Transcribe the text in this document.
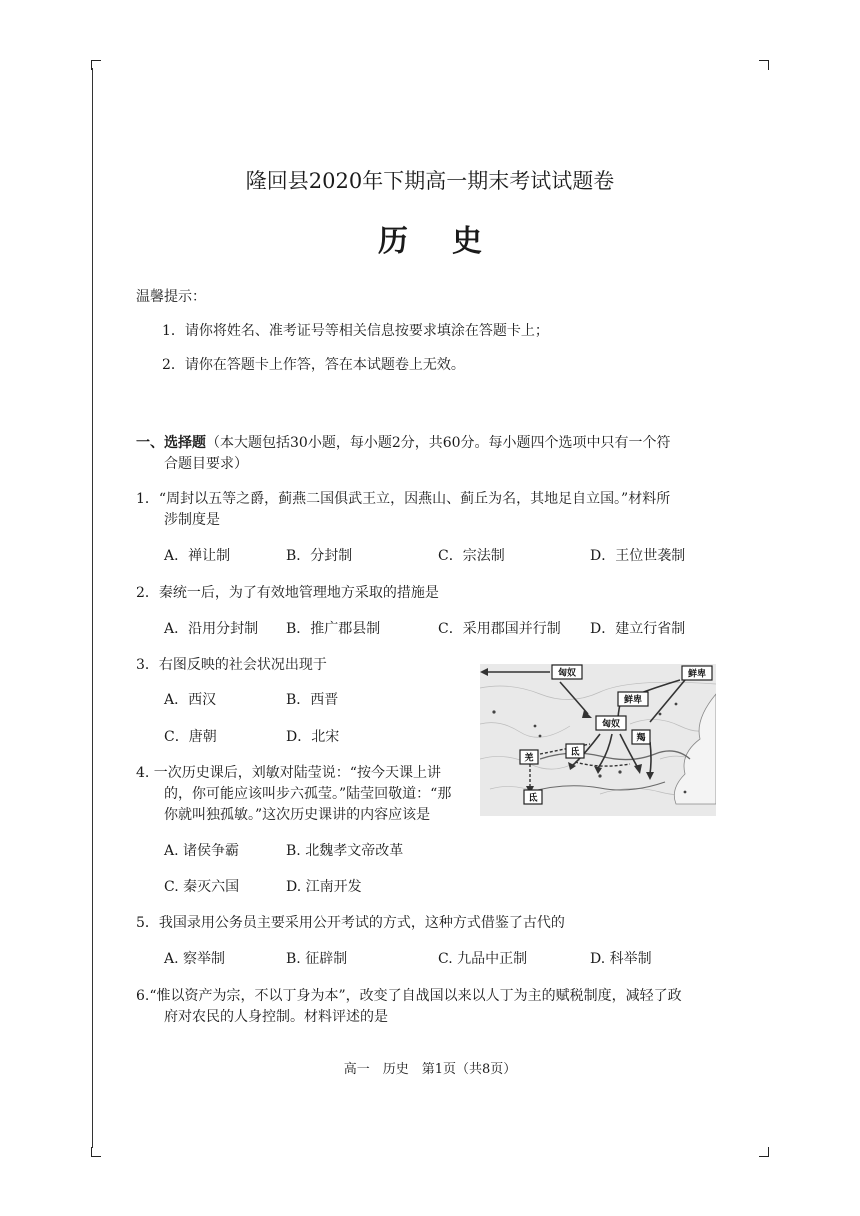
隆回县2020年下期高一期末考试试题卷
历史
温馨提示：
1．请你将姓名、准考证号等相关信息按要求填涂在答题卡上；
2．请你在答题卡上作答，答在本试题卷上无效。
一、选择题（本大题包括30小题，每小题2分，共60分。每小题四个选项中只有一个符
合题目要求）
1．“周封以五等之爵，蓟燕二国俱武王立，因燕山、蓟丘为名，其地足自立国。”材料所
涉制度是
A．禅让制	B．分封制	C．宗法制	D．王位世袭制
2．秦统一后，为了有效地管理地方采取的措施是
A．沿用分封制 B．推广郡县制	C．采用郡国并行制 D．建立行省制
3．右图反映的社会状况出现于
A．西汉	B．西晋
C．唐朝	D．北宋
匈奴	鲜卑
鲜卑
匈奴
羯
羌
氐
氐
4. 一次历史课后，刘敏对陆莹说：“按今天课上讲
的，你可能应该叫步六孤莹。”陆莹回敬道：“那
你就叫独孤敏。”这次历史课讲的内容应该是
A. 诸侯争霸	B. 北魏孝文帝改革
C. 秦灭六国	D. 江南开发
5．我国录用公务员主要采用公开考试的方式，这种方式借鉴了古代的
A. 察举制	B. 征辟制	C. 九品中正制	D. 科举制
6.“惟以资产为宗，不以丁身为本”，改变了自战国以来以人丁为主的赋税制度，减轻了政
府对农民的人身控制。材料评述的是
高一　历史　第1页（共8页）
